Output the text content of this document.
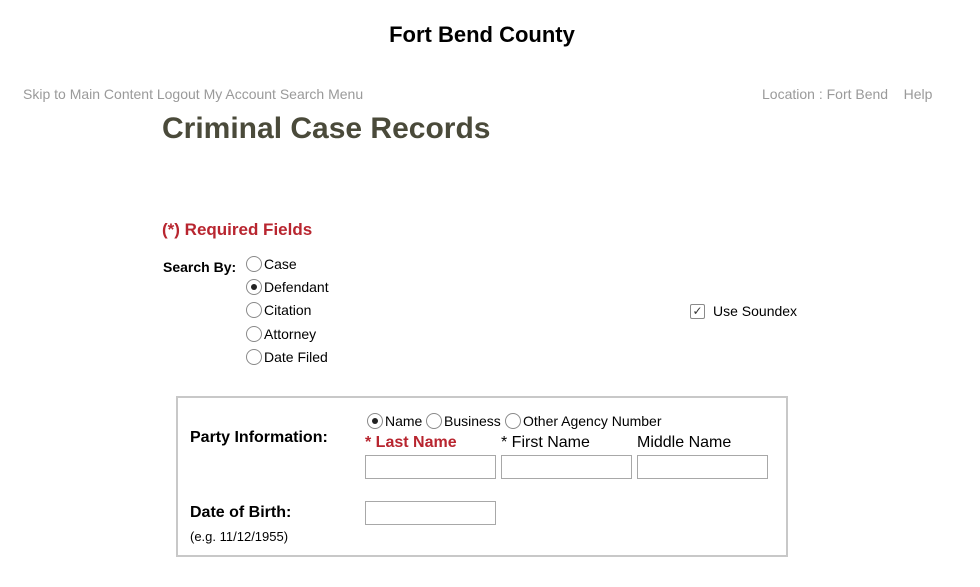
Fort Bend County
Skip to Main Content Logout My Account Search Menu	Location : Fort Bend Help
Criminal Case Records
(*) Required Fields
Search By: Case
Defendant
Citation
Attorney
Date Filed
✓ Use Soundex
Party Information:
Name Business Other Agency Number
* Last Name	* First Name	Middle Name
Date of Birth:
(e.g. 11/12/1955)
